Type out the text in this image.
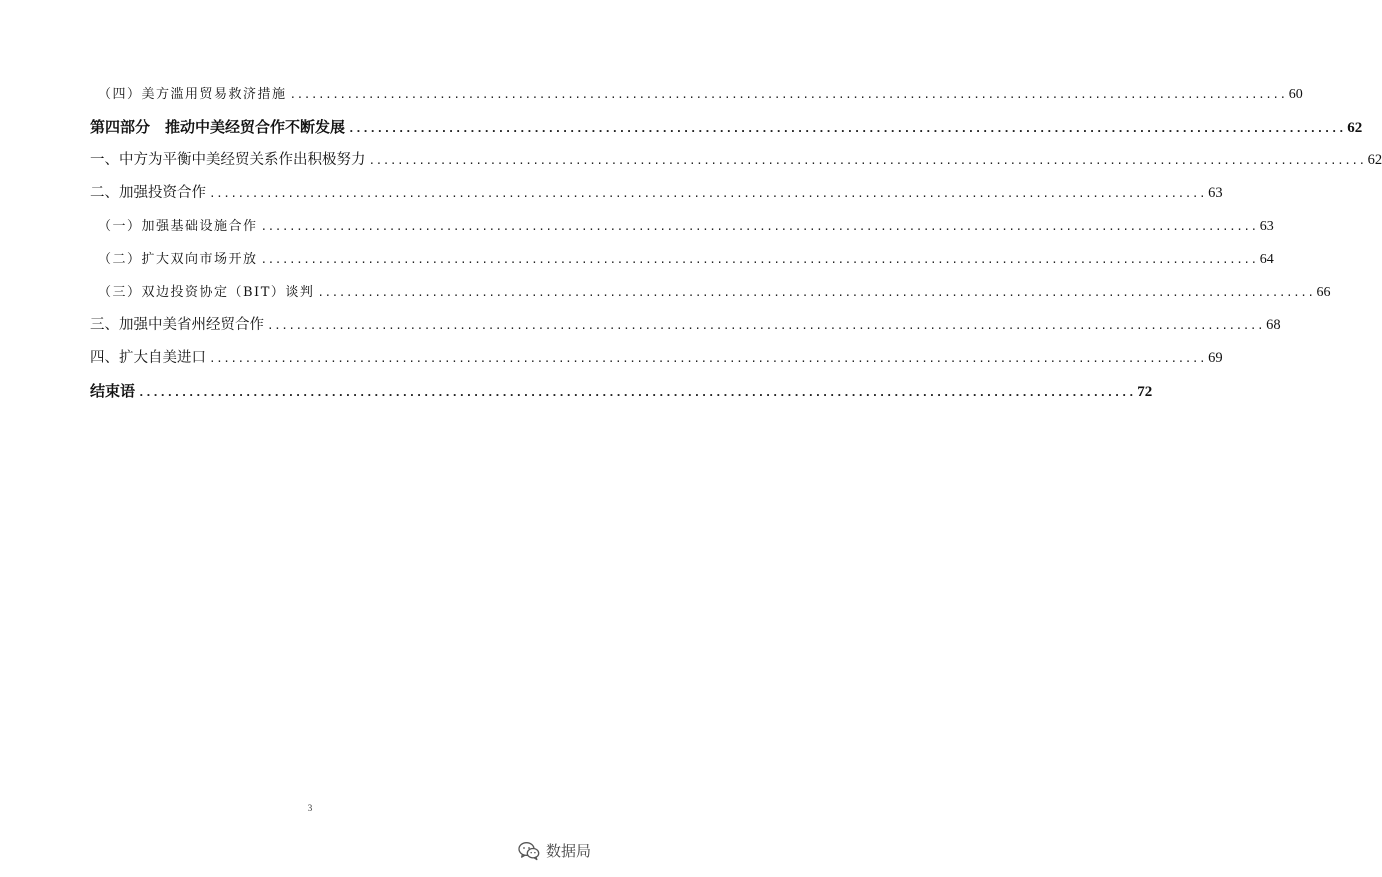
（四）美方滥用贸易救济措施 ............................................................................................................................................ 60
第四部分　推动中美经贸合作不断发展 ............................................................................................................................................ 62
一、中方为平衡中美经贸关系作出积极努力 ............................................................................................................................................ 62
二、加强投资合作 ............................................................................................................................................ 63
（一）加强基础设施合作 ............................................................................................................................................ 63
（二）扩大双向市场开放 ............................................................................................................................................ 64
（三）双边投资协定（BIT）谈判 ............................................................................................................................................ 66
三、加强中美省州经贸合作 ............................................................................................................................................ 68
四、扩大自美进口 ............................................................................................................................................ 69
结束语 ............................................................................................................................................ 72
3
数据局
